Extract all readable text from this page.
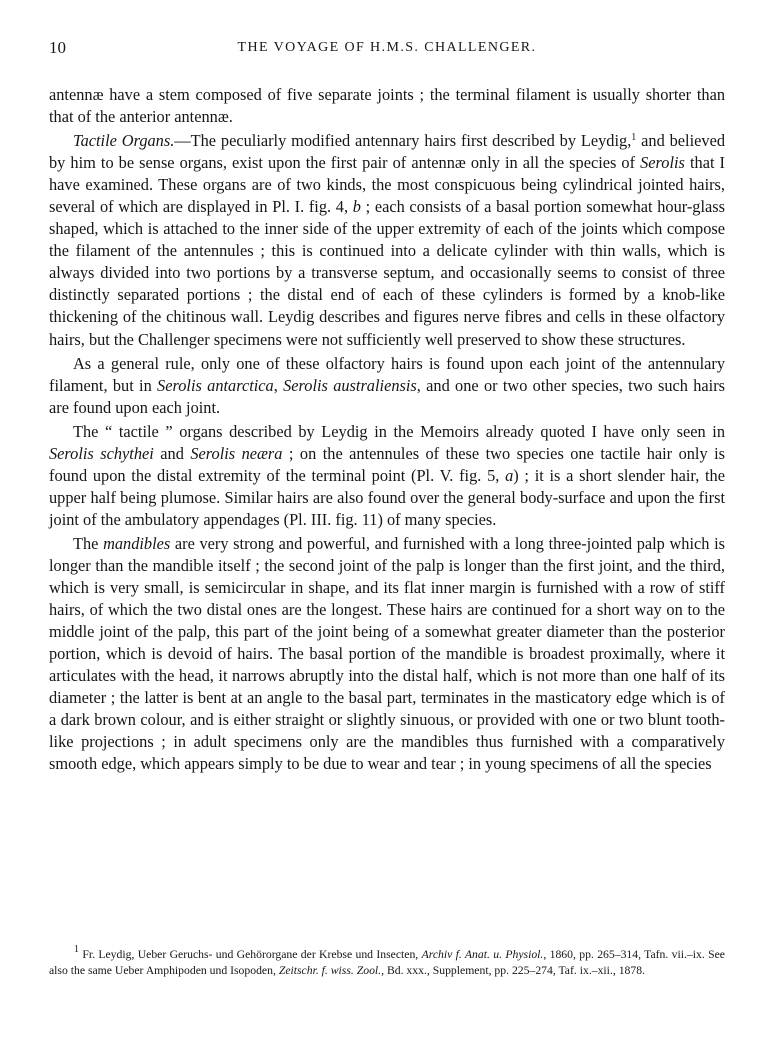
10	THE VOYAGE OF H.M.S. CHALLENGER.

antennæ have a stem composed of five separate joints ; the terminal filament is usually shorter than that of the anterior antennæ.

Tactile Organs.—The peculiarly modified antennary hairs first described by Leydig,$^1$ and believed by him to be sense organs, exist upon the first pair of antennæ only in all the species of Serolis that I have examined. These organs are of two kinds, the most conspicuous being cylindrical jointed hairs, several of which are displayed in Pl. I. fig. 4, b ; each consists of a basal portion somewhat hour-glass shaped, which is attached to the inner side of the upper extremity of each of the joints which compose the filament of the antennules ; this is continued into a delicate cylinder with thin walls, which is always divided into two portions by a transverse septum, and occasionally seems to consist of three distinctly separated portions ; the distal end of each of these cylinders is formed by a knob-like thickening of the chitinous wall. Leydig describes and figures nerve fibres and cells in these olfactory hairs, but the Challenger specimens were not sufficiently well preserved to show these structures.

As a general rule, only one of these olfactory hairs is found upon each joint of the antennulary filament, but in Serolis antarctica, Serolis australiensis, and one or two other species, two such hairs are found upon each joint.

The “ tactile ” organs described by Leydig in the Memoirs already quoted I have only seen in Serolis schythei and Serolis neæra ; on the antennules of these two species one tactile hair only is found upon the distal extremity of the terminal point (Pl. V. fig. 5, a) ; it is a short slender hair, the upper half being plumose. Similar hairs are also found over the general body-surface and upon the first joint of the ambulatory appendages (Pl. III. fig. 11) of many species.

The mandibles are very strong and powerful, and furnished with a long three-jointed palp which is longer than the mandible itself ; the second joint of the palp is longer than the first joint, and the third, which is very small, is semicircular in shape, and its flat inner margin is furnished with a row of stiff hairs, of which the two distal ones are the longest. These hairs are continued for a short way on to the middle joint of the palp, this part of the joint being of a somewhat greater diameter than the posterior portion, which is devoid of hairs. The basal portion of the mandible is broadest proximally, where it articulates with the head, it narrows abruptly into the distal half, which is not more than one half of its diameter ; the latter is bent at an angle to the basal part, terminates in the masticatory edge which is of a dark brown colour, and is either straight or slightly sinuous, or provided with one or two blunt tooth-like projections ; in adult specimens only are the mandibles thus furnished with a comparatively smooth edge, which appears simply to be due to wear and tear ; in young specimens of all the species

$^1$ Fr. Leydig, Ueber Geruchs- und Gehörorgane der Krebse und Insecten, Archiv f. Anat. u. Physiol., 1860, pp. 265–314, Tafn. vii.–ix. See also the same Ueber Amphipoden und Isopoden, Zeitschr. f. wiss. Zool., Bd. xxx., Supplement, pp. 225–274, Taf. ix.–xii., 1878.
